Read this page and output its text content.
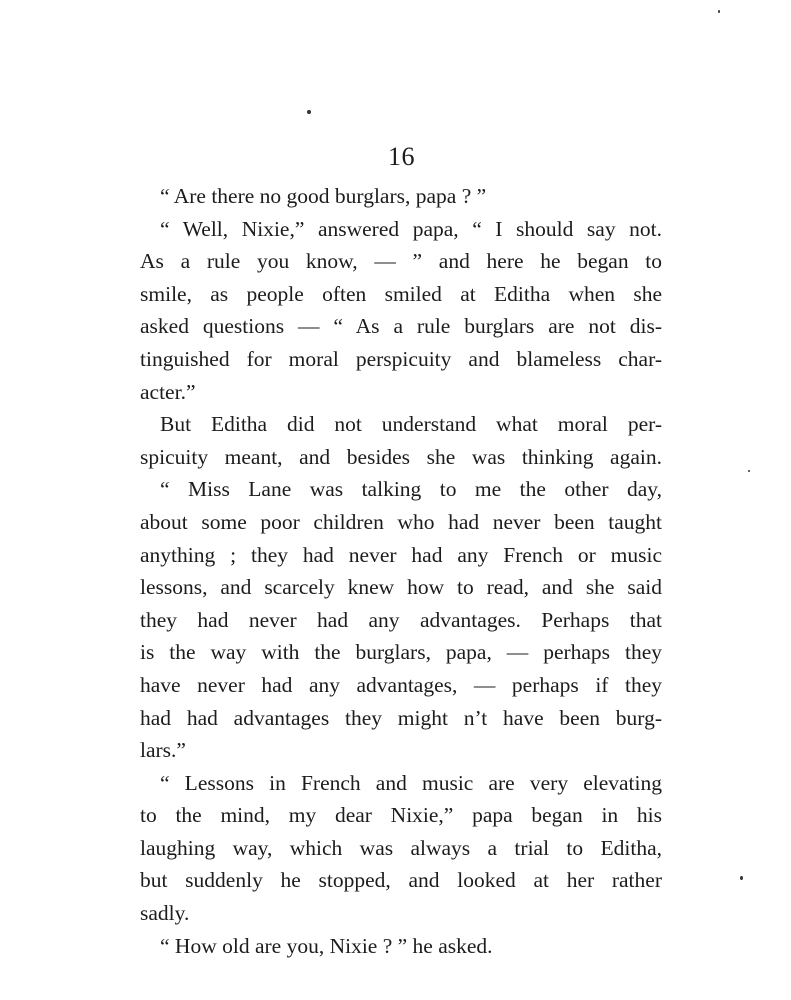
16
“ Are there no good burglars, papa ? ”
“ Well, Nixie,” answered papa, “ I should say not.
As a rule you know, — ” and here he began to
smile, as people often smiled at Editha when she
asked questions — “ As a rule burglars are not dis-
tinguished for moral perspicuity and blameless char-
acter.”
But Editha did not understand what moral per-
spicuity meant, and besides she was thinking again.
“ Miss Lane was talking to me the other day,
about some poor children who had never been taught
anything ; they had never had any French or music
lessons, and scarcely knew how to read, and she said
they had never had any advantages. Perhaps that
is the way with the burglars, papa, — perhaps they
have never had any advantages, — perhaps if they
had had advantages they might n’t have been burg-
lars.”
“ Lessons in French and music are very elevating
to the mind, my dear Nixie,” papa began in his
laughing way, which was always a trial to Editha,
but suddenly he stopped, and looked at her rather
sadly.
“ How old are you, Nixie ? ” he asked.
